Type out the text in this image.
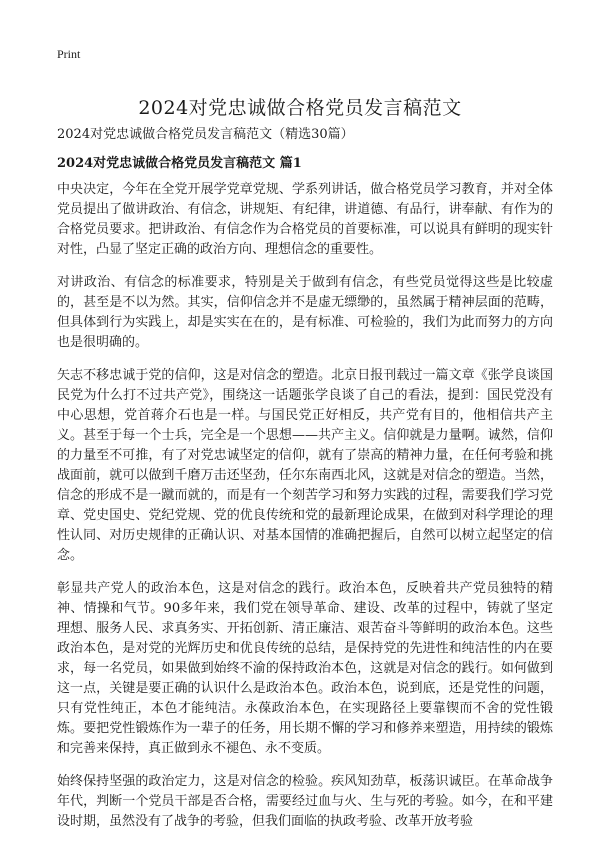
Print
2024对党忠诚做合格党员发言稿范文
2024对党忠诚做合格党员发言稿范文（精选30篇）
2024对党忠诚做合格党员发言稿范文 篇1

中央决定，今年在全党开展学党章党规、学系列讲话，做合格党员学习教育，并对全体党员提出了做讲政治、有信念，讲规矩、有纪律，讲道德、有品行，讲奉献、有作为的合格党员要求。把讲政治、有信念作为合格党员的首要标准，可以说具有鲜明的现实针对性，凸显了坚定正确的政治方向、理想信念的重要性。

对讲政治、有信念的标准要求，特别是关于做到有信念，有些党员觉得这些是比较虚的，甚至是不以为然。其实，信仰信念并不是虚无缥缈的，虽然属于精神层面的范畴，但具体到行为实践上，却是实实在在的，是有标准、可检验的，我们为此而努力的方向也是很明确的。

矢志不移忠诚于党的信仰，这是对信念的塑造。北京日报刊载过一篇文章《张学良谈国民党为什么打不过共产党》，围绕这一话题张学良谈了自己的看法，提到：国民党没有中心思想，党首蒋介石也是一样。与国民党正好相反，共产党有目的，他相信共产主义。甚至于每一个士兵，完全是一个思想——共产主义。信仰就是力量啊。诚然，信仰的力量至不可推，有了对党忠诚坚定的信仰，就有了崇高的精神力量，在任何考验和挑战面前，就可以做到千磨万击还坚劲，任尔东南西北风，这就是对信念的塑造。当然，信念的形成不是一蹴而就的，而是有一个刻苦学习和努力实践的过程，需要我们学习党章、党史国史、党纪党规、党的优良传统和党的最新理论成果，在做到对科学理论的理性认同、对历史规律的正确认识、对基本国情的准确把握后，自然可以树立起坚定的信念。

彰显共产党人的政治本色，这是对信念的践行。政治本色，反映着共产党员独特的精神、情操和气节。90多年来，我们党在领导革命、建设、改革的过程中，铸就了坚定理想、服务人民、求真务实、开拓创新、清正廉洁、艰苦奋斗等鲜明的政治本色。这些政治本色，是对党的光辉历史和优良传统的总结，是保持党的先进性和纯洁性的内在要求，每一名党员，如果做到始终不渝的保持政治本色，这就是对信念的践行。如何做到这一点，关键是要正确的认识什么是政治本色。政治本色，说到底，还是党性的问题，只有党性纯正，本色才能纯洁。永葆政治本色，在实现路径上要靠锲而不舍的党性锻炼。要把党性锻炼作为一辈子的任务，用长期不懈的学习和修养来塑造，用持续的锻炼和完善来保持，真正做到永不褪色、永不变质。

始终保持坚强的政治定力，这是对信念的检验。疾风知劲草，板荡识诚臣。在革命战争年代，判断一个党员干部是否合格，需要经过血与火、生与死的考验。如今，在和平建设时期，虽然没有了战争的考验，但我们面临的执政考验、改革开放考验
